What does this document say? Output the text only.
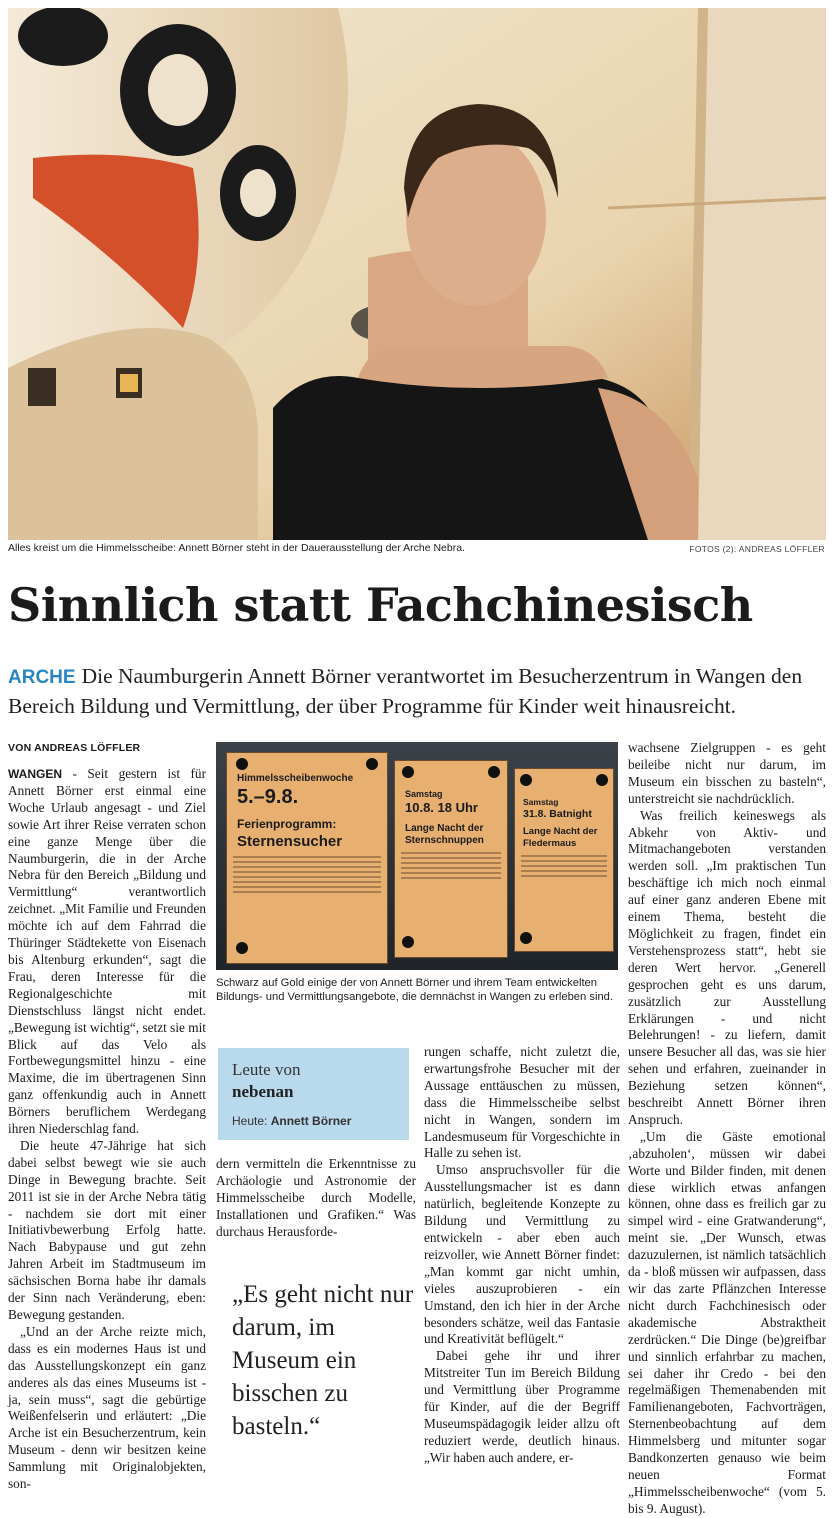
Alles kreist um die Himmelsscheibe: Annett Börner steht in der Dauerausstellung der Arche Nebra.	FOTOS (2): ANDREAS LÖFFLER
Sinnlich statt Fachchinesisch
ARCHE Die Naumburgerin Annett Börner verantwortet im Besucherzentrum in Wangen den Bereich Bildung und Vermittlung, der über Programme für Kinder weit hinausreicht.
VON ANDREAS LÖFFLER

WANGEN - Seit gestern ist für Annett Börner erst einmal eine Woche Urlaub angesagt - und Ziel sowie Art ihrer Reise verraten schon eine ganze Menge über die Naumburgerin, die in der Arche Nebra für den Bereich „Bildung und Vermittlung“ verantwortlich zeichnet. „Mit Familie und Freunden möchte ich auf dem Fahrrad die Thüringer Städtekette von Eisenach bis Altenburg erkunden“, sagt die Frau, deren Interesse für die Regionalgeschichte mit Dienstschluss längst nicht endet. „Bewegung ist wichtig“, setzt sie mit Blick auf das Velo als Fortbewegungsmittel hinzu - eine Maxime, die im übertragenen Sinn ganz offenkundig auch in Annett Börners beruflichem Werdegang ihren Niederschlag fand.

Die heute 47-Jährige hat sich dabei selbst bewegt wie sie auch Dinge in Bewegung brachte. Seit 2011 ist sie in der Arche Nebra tätig - nachdem sie dort mit einer Initiativbewerbung Erfolg hatte. Nach Babypause und gut zehn Jahren Arbeit im Stadtmuseum im sächsischen Borna habe ihr damals der Sinn nach Veränderung, eben: Bewegung gestanden.

„Und an der Arche reizte mich, dass es ein modernes Haus ist und das Ausstellungskonzept ein ganz anderes als das eines Museums ist - ja, sein muss“, sagt die gebürtige Weißenfelserin und erläutert: „Die Arche ist ein Besucherzentrum, kein Museum - denn wir besitzen keine Sammlung mit Originalobjekten, son-

Himmelsscheibenwoche
5.–9.8.
Ferienprogramm:
Sternensucher
Samstag
10.8. 18 Uhr
Lange Nacht der
Sternschnuppen
Samstag
31.8. Batnight
Lange Nacht der
Fledermaus
Schwarz auf Gold einige der von Annett Börner und ihrem Team entwickelten Bildungs- und Vermittlungsangebote, die demnächst in Wangen zu erleben sind.
Leute von
nebenan
Heute: Annett Börner

dern vermitteln die Erkenntnisse zu Archäologie und Astronomie der Himmelsscheibe durch Modelle, Installationen und Grafiken.“ Was durchaus Herausforde-

„Es geht nicht nur darum, im Museum ein bisschen zu basteln.“

rungen schaffe, nicht zuletzt die, erwartungsfrohe Besucher mit der Aussage enttäuschen zu müssen, dass die Himmelsscheibe selbst nicht in Wangen, sondern im Landesmuseum für Vorgeschichte in Halle zu sehen ist.

Umso anspruchsvoller für die Ausstellungsmacher ist es dann natürlich, begleitende Konzepte zu Bildung und Vermittlung zu entwickeln - aber eben auch reizvoller, wie Annett Börner findet: „Man kommt gar nicht umhin, vieles auszuprobieren - ein Umstand, den ich hier in der Arche besonders schätze, weil das Fantasie und Kreativität beflügelt.“

Dabei gehe ihr und ihrer Mitstreiter Tun im Bereich Bildung und Vermittlung über Programme für Kinder, auf die der Begriff Museumspädagogik leider allzu oft reduziert werde, deutlich hinaus. „Wir haben auch andere, er-

wachsene Zielgruppen - es geht beileibe nicht nur darum, im Museum ein bisschen zu basteln“, unterstreicht sie nachdrücklich.

Was freilich keineswegs als Abkehr von Aktiv- und Mitmachangeboten verstanden werden soll. „Im praktischen Tun beschäftige ich mich noch einmal auf einer ganz anderen Ebene mit einem Thema, besteht die Möglichkeit zu fragen, findet ein Verstehensprozess statt“, hebt sie deren Wert hervor. „Generell gesprochen geht es uns darum, zusätzlich zur Ausstellung Erklärungen - und nicht Belehrungen! - zu liefern, damit unsere Besucher all das, was sie hier sehen und erfahren, zueinander in Beziehung setzen können“, beschreibt Annett Börner ihren Anspruch.

„Um die Gäste emotional ‚abzuholen‘, müssen wir dabei Worte und Bilder finden, mit denen diese wirklich etwas anfangen können, ohne dass es freilich gar zu simpel wird - eine Gratwanderung“, meint sie. „Der Wunsch, etwas dazuzulernen, ist nämlich tatsächlich da - bloß müssen wir aufpassen, dass wir das zarte Pflänzchen Interesse nicht durch Fachchinesisch oder akademische Abstraktheit zerdrücken.“ Die Dinge (be)greifbar und sinnlich erfahrbar zu machen, sei daher ihr Credo - bei den regelmäßigen Themenabenden mit Familienangeboten, Fachvorträgen, Sternenbeobachtung auf dem Himmelsberg und mitunter sogar Bandkonzerten genauso wie beim neuen Format „Himmelsscheibenwoche“ (vom 5. bis 9. August).
